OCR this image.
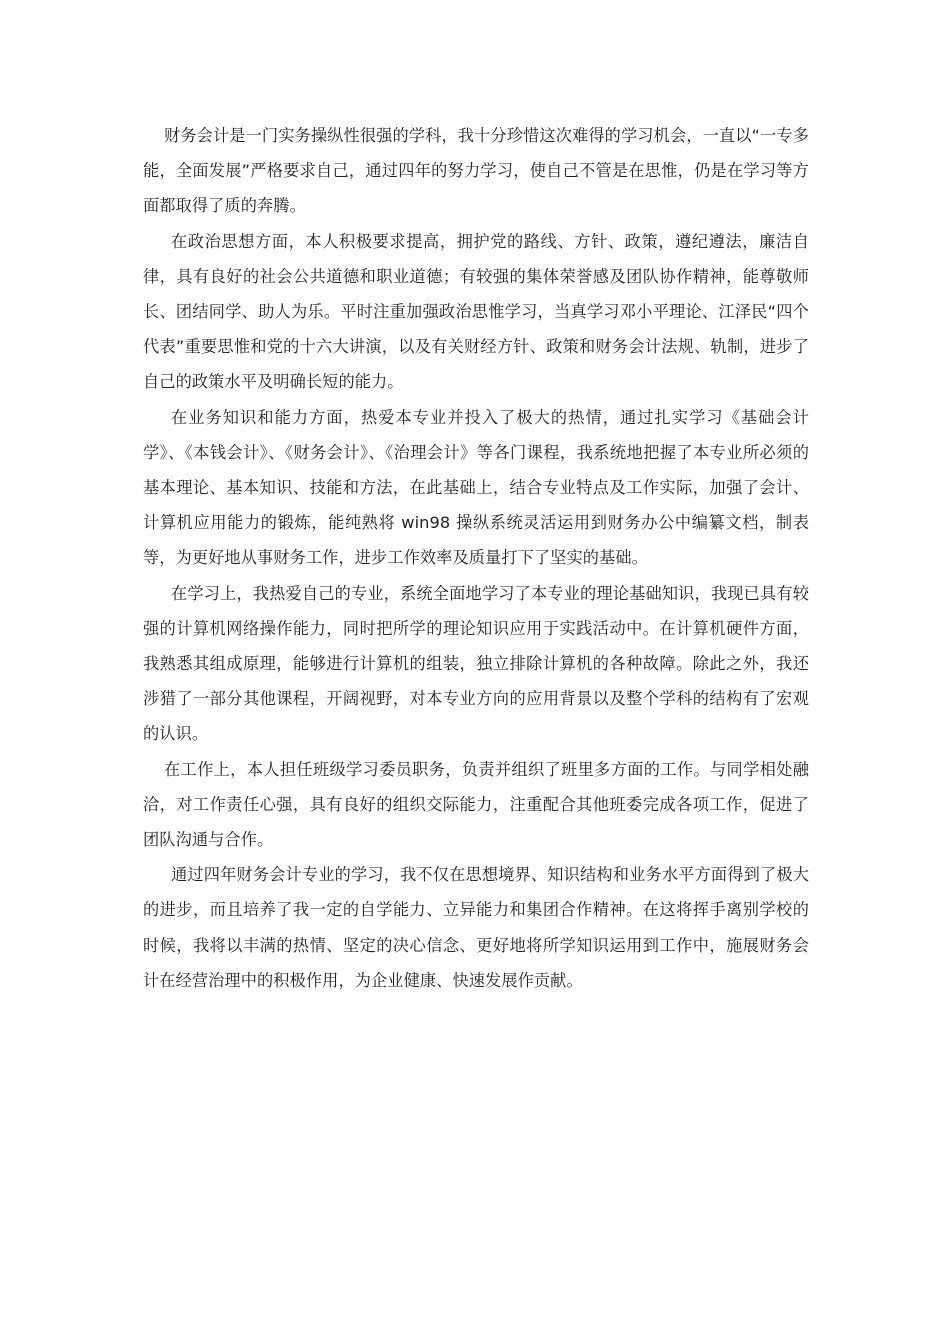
财务会计是一门实务操纵性很强的学科，我十分珍惜这次难得的学习机会，一直以“一专多能，全面发展”严格要求自己，通过四年的努力学习，使自己不管是在思惟，仍是在学习等方面都取得了质的奔腾。

在政治思想方面，本人积极要求提高，拥护党的路线、方针、政策，遵纪遵法，廉洁自律，具有良好的社会公共道德和职业道德；有较强的集体荣誉感及团队协作精神，能尊敬师长、团结同学、助人为乐。平时注重加强政治思惟学习，当真学习邓小平理论、江泽民“四个代表”重要思惟和党的十六大讲演，以及有关财经方针、政策和财务会计法规、轨制，进步了自己的政策水平及明确长短的能力。

在业务知识和能力方面，热爱本专业并投入了极大的热情，通过扎实学习《基础会计学》、《本钱会计》、《财务会计》、《治理会计》等各门课程，我系统地把握了本专业所必须的基本理论、基本知识、技能和方法，在此基础上，结合专业特点及工作实际，加强了会计、计算机应用能力的锻炼，能纯熟将 win98 操纵系统灵活运用到财务办公中编纂文档，制表等，为更好地从事财务工作，进步工作效率及质量打下了坚实的基础。

在学习上，我热爱自己的专业，系统全面地学习了本专业的理论基础知识，我现已具有较强的计算机网络操作能力，同时把所学的理论知识应用于实践活动中。在计算机硬件方面，我熟悉其组成原理，能够进行计算机的组装，独立排除计算机的各种故障。除此之外，我还涉猎了一部分其他课程，开阔视野，对本专业方向的应用背景以及整个学科的结构有了宏观的认识。

在工作上，本人担任班级学习委员职务，负责并组织了班里多方面的工作。与同学相处融洽，对工作责任心强，具有良好的组织交际能力，注重配合其他班委完成各项工作，促进了团队沟通与合作。

通过四年财务会计专业的学习，我不仅在思想境界、知识结构和业务水平方面得到了极大的进步，而且培养了我一定的自学能力、立异能力和集团合作精神。在这将挥手离别学校的时候，我将以丰满的热情、坚定的决心信念、更好地将所学知识运用到工作中，施展财务会计在经营治理中的积极作用，为企业健康、快速发展作贡献。
